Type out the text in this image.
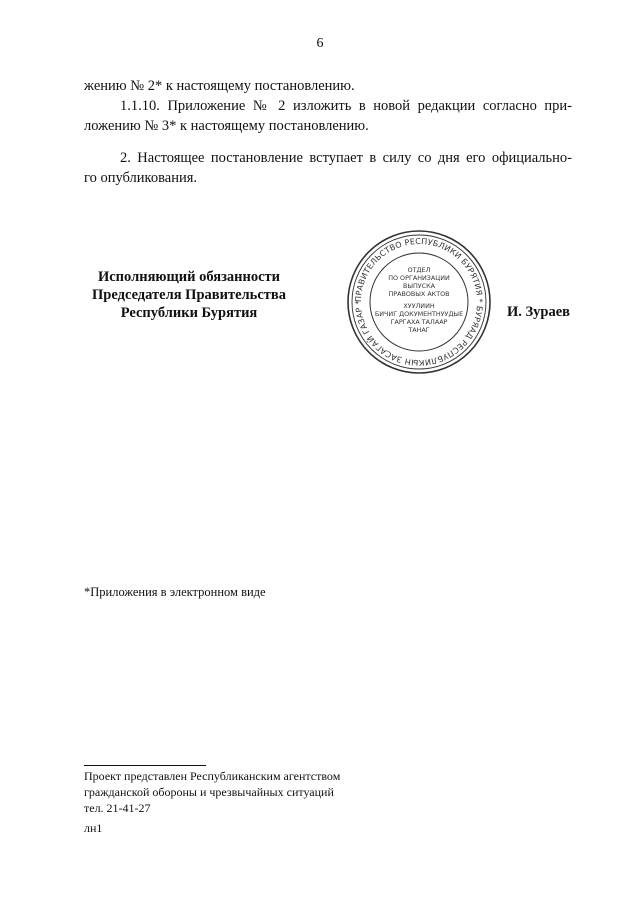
6
жению № 2* к настоящему постановлению.
1.1.10. Приложение № 2 изложить в новой редакции согласно при-
ложению № 3* к настоящему постановлению.
2. Настоящее постановление вступает в силу со дня его официально-
го опубликования.
Исполняющий обязанности
Председателя Правительства
Республики Бурятия
ПРАВИТЕЛЬСТВО РЕСПУБЛИКИ БУРЯТИЯ * БУРЯАД РЕСПУБЛИКЫН ЗАСАГАЙ ГАЗАР *
ОТДЕЛ
ПО ОРГАНИЗАЦИИ
ВЫПУСКА
ПРАВОВЫХ АКТОВ
ХУУЛИИН
БИЧИГ ДОКУМЕНТНУУДЫЕ
ГАРГАХА ТАЛААР
ТАНАГ
И. Зураев
*Приложения в электронном виде
Проект представлен Республиканским агентством
гражданской обороны и чрезвычайных ситуаций
тел. 21-41-27
лн1
